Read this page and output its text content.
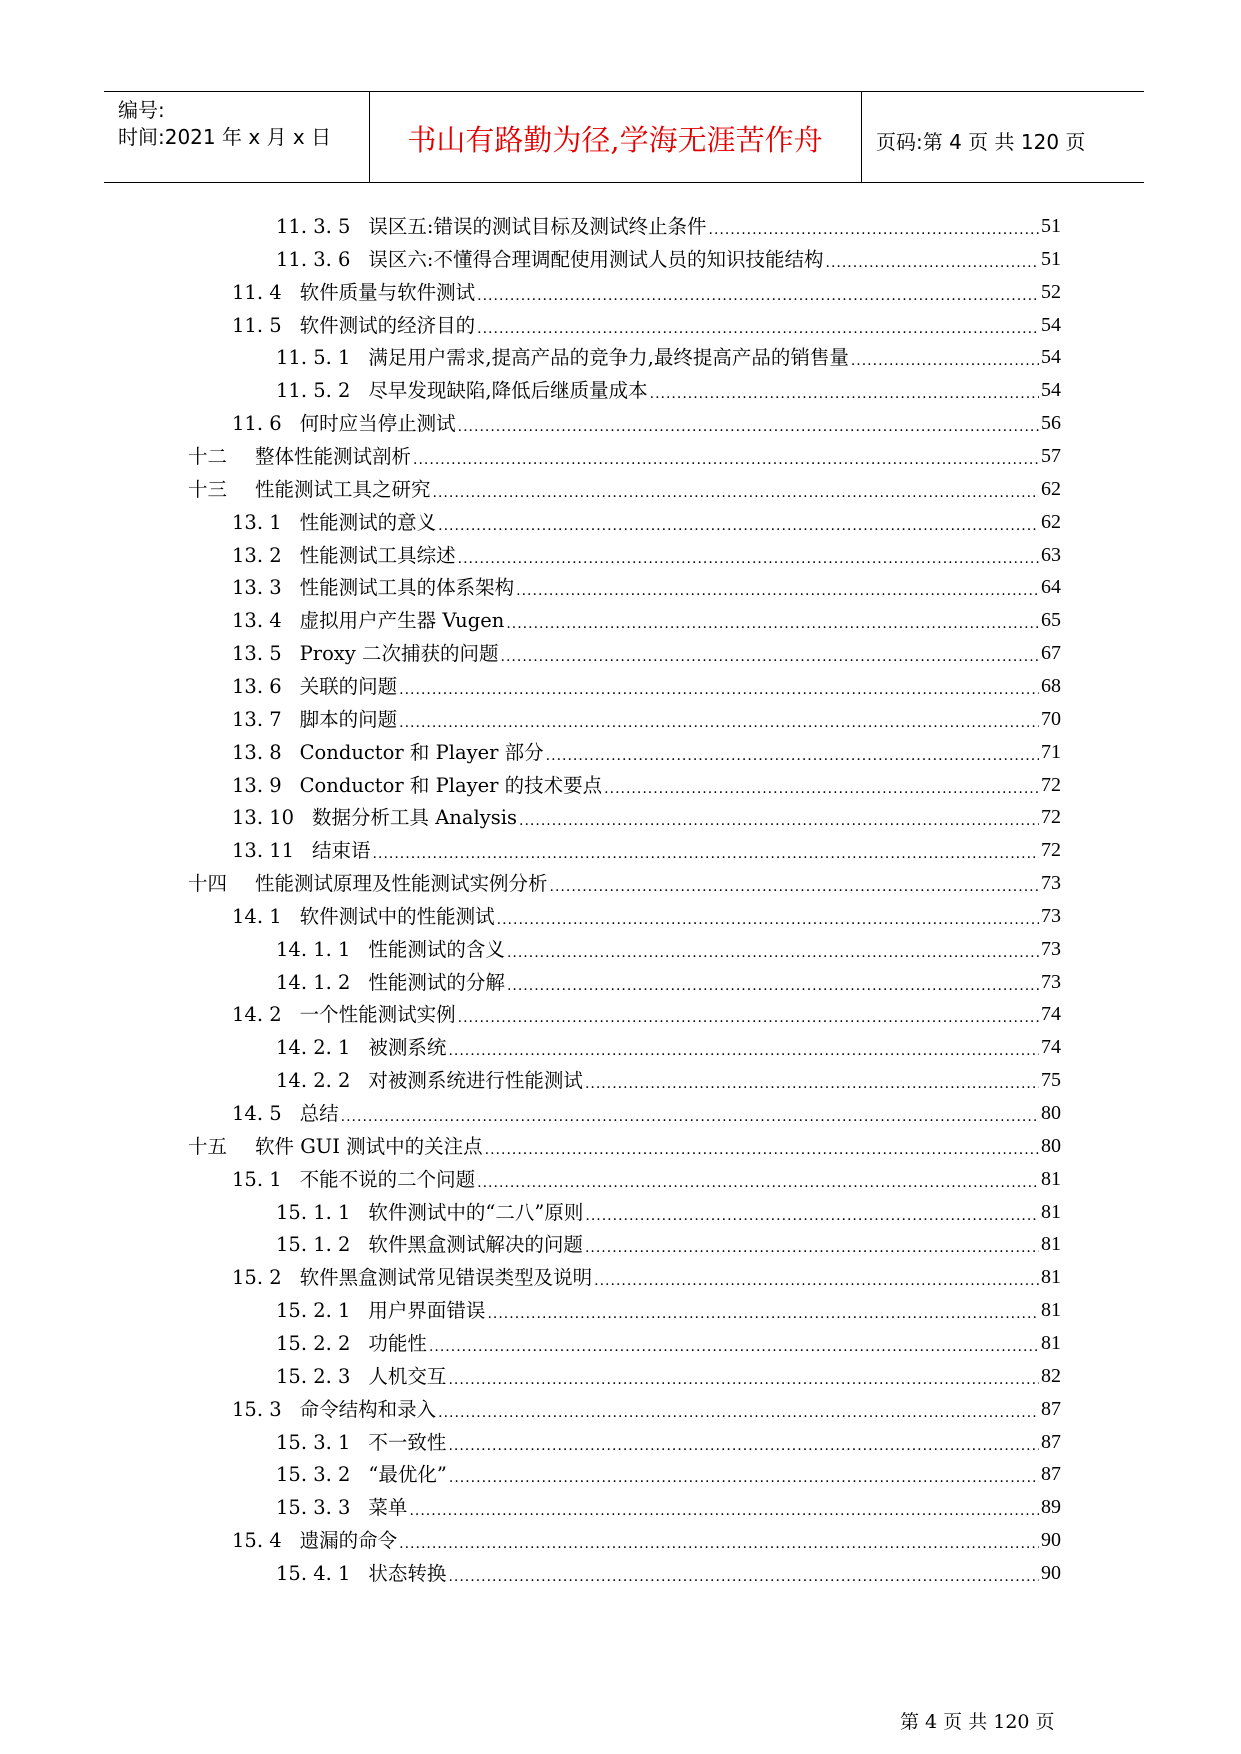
编号:
时间:2021 年 x 月 x 日	书山有路勤为径,学海无涯苦作舟	页码:第 4 页 共 120 页
11. 3. 5 误区五:错误的测试目标及测试终止条件 .....	51
11. 3. 6 误区六:不懂得合理调配使用测试人员的知识技能结构 .....	51
11. 4 软件质量与软件测试 .....	52
11. 5 软件测试的经济目的 .....	54
11. 5. 1 满足用户需求,提高产品的竞争力,最终提高产品的销售量 .....	54
11. 5. 2 尽早发现缺陷,降低后继质量成本 .....	54
11. 6 何时应当停止测试 .....	56
十二 整体性能测试剖析 .....	57
十三 性能测试工具之研究 .....	62
13. 1 性能测试的意义 .....	62
13. 2 性能测试工具综述 .....	63
13. 3 性能测试工具的体系架构 .....	64
13. 4 虚拟用户产生器 Vugen .....	65
13. 5 Proxy 二次捕获的问题 .....	67
13. 6 关联的问题 .....	68
13. 7 脚本的问题 .....	70
13. 8 Conductor 和 Player 部分 .....	71
13. 9 Conductor 和 Player 的技术要点 .....	72
13. 10 数据分析工具 Analysis .....	72
13. 11 结束语 .....	72
十四 性能测试原理及性能测试实例分析 .....	73
14. 1 软件测试中的性能测试 .....	73
14. 1. 1 性能测试的含义 .....	73
14. 1. 2 性能测试的分解 .....	73
14. 2 一个性能测试实例 .....	74
14. 2. 1 被测系统 .....	74
14. 2. 2 对被测系统进行性能测试 .....	75
14. 5 总结 .....	80
十五 软件 GUI 测试中的关注点 .....	80
15. 1 不能不说的二个问题 .....	81
15. 1. 1 软件测试中的“二八”原则 .....	81
15. 1. 2 软件黑盒测试解决的问题 .....	81
15. 2 软件黑盒测试常见错误类型及说明 .....	81
15. 2. 1 用户界面错误 .....	81
15. 2. 2 功能性 .....	81
15. 2. 3 人机交互 .....	82
15. 3 命令结构和录入 .....	87
15. 3. 1 不一致性 .....	87
15. 3. 2 “最优化” .....	87
15. 3. 3 菜单 .....	89
15. 4 遗漏的命令 .....	90
15. 4. 1 状态转换 .....	90
第 4 页 共 120 页
